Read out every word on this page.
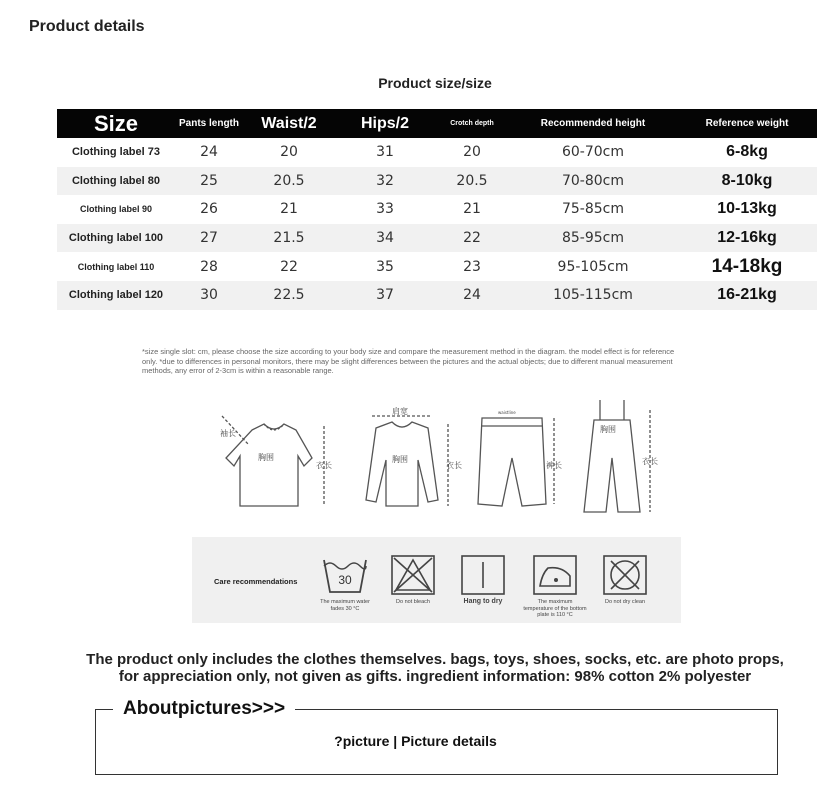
Product details
Product size/size
Size	Pants length	Waist/2	Hips/2	Crotch depth	Recommended height	Reference weight
Clothing label 73	24	20	31	20	60-70cm	6-8kg
Clothing label 80	25	20.5	32	20.5	70-80cm	8-10kg
Clothing label 90	26	21	33	21	75-85cm	10-13kg
Clothing label 100	27	21.5	34	22	85-95cm	12-16kg
Clothing label 110	28	22	35	23	95-105cm	14-18kg
Clothing label 120	30	22.5	37	24	105-115cm	16-21kg
*size single slot: cm, please choose the size according to your body size and compare the measurement method in the diagram. the model effect is for reference only. *due to differences in personal monitors, there may be slight differences between the pictures and the actual objects; due to different manual measurement methods, any error of 2-3cm is within a reasonable range.
袖长
胸围
衣长
肩宽
胸围
衣长
waistline
裤长
胸围
衣长
Care recommendations	30
The maximum water fades 30 °C
Do not bleach	Hang to dry	The maximum temperature of the bottom plate is 110 °C
Do not dry clean
The product only includes the clothes themselves. bags, toys, shoes, socks, etc. are photo props,
for appreciation only, not given as gifts. ingredient information: 98% cotton 2% polyester
Aboutpictures>>>
?picture | Picture details
